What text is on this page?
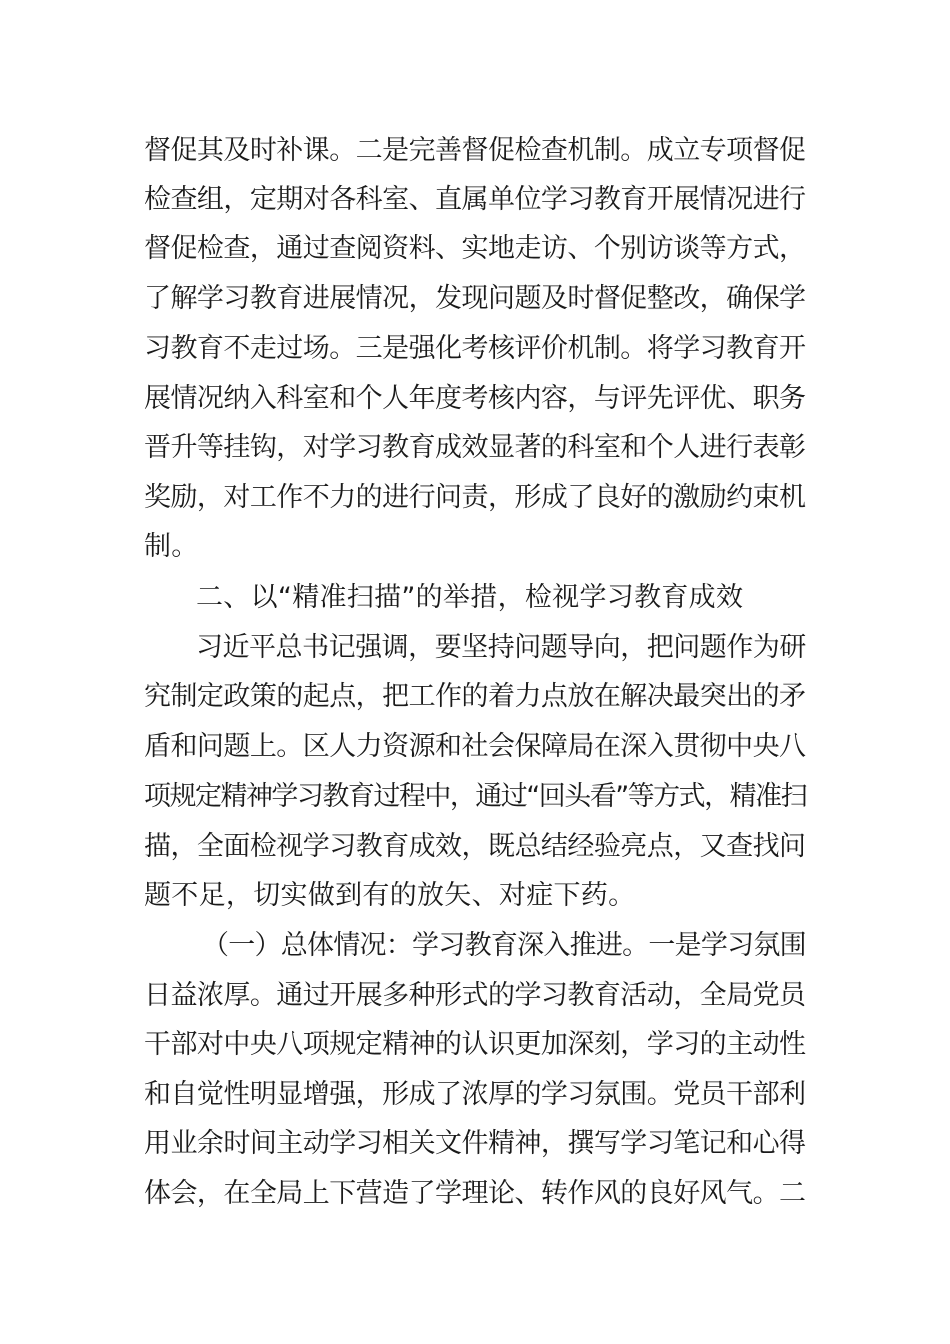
督促其及时补课。二是完善督促检查机制。成立专项督促
检查组，定期对各科室、直属单位学习教育开展情况进行
督促检查，通过查阅资料、实地走访、个别访谈等方式，
了解学习教育进展情况，发现问题及时督促整改，确保学
习教育不走过场。三是强化考核评价机制。将学习教育开
展情况纳入科室和个人年度考核内容，与评先评优、职务
晋升等挂钩，对学习教育成效显著的科室和个人进行表彰
奖励，对工作不力的进行问责，形成了良好的激励约束机
制。
二、以“精准扫描”的举措，检视学习教育成效
习近平总书记强调，要坚持问题导向，把问题作为研
究制定政策的起点，把工作的着力点放在解决最突出的矛
盾和问题上。区人力资源和社会保障局在深入贯彻中央八
项规定精神学习教育过程中，通过“回头看”等方式，精准扫
描，全面检视学习教育成效，既总结经验亮点，又查找问
题不足，切实做到有的放矢、对症下药。
（一）总体情况：学习教育深入推进。一是学习氛围
日益浓厚。通过开展多种形式的学习教育活动，全局党员
干部对中央八项规定精神的认识更加深刻，学习的主动性
和自觉性明显增强，形成了浓厚的学习氛围。党员干部利
用业余时间主动学习相关文件精神，撰写学习笔记和心得
体会，在全局上下营造了学理论、转作风的良好风气。二
